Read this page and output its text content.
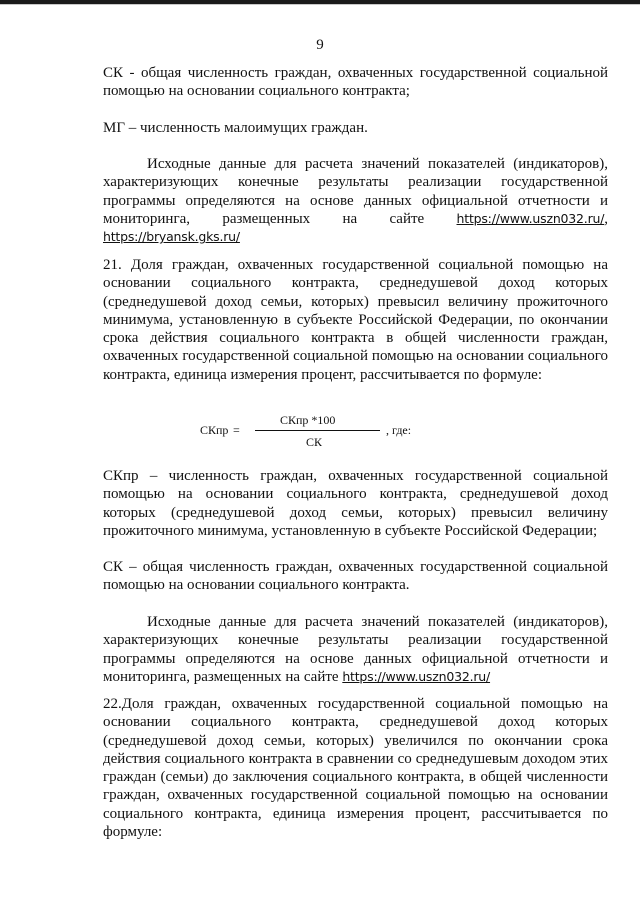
9

СК - общая численность граждан, охваченных государственной социальной помощью на основании социального контракта;

МГ – численность малоимущих граждан.

Исходные данные для расчета значений показателей (индикаторов), характеризующих конечные результаты реализации государственной программы определяются на основе данных официальной отчетности и мониторинга, размещенных на сайте https://www.uszn032.ru/, https://bryansk.gks.ru/

21. Доля граждан, охваченных государственной социальной помощью на основании социального контракта, среднедушевой доход которых (среднедушевой доход семьи, которых) превысил величину прожиточного минимума, установленную в субъекте Российской Федерации, по окончании срока действия социального контракта в общей численности граждан, охваченных государственной социальной помощью на основании социального контракта, единица измерения процент, рассчитывается по формуле:

СКпр =
СКпр *100
СК
, где:

СКпр – численность граждан, охваченных государственной социальной помощью на основании социального контракта, среднедушевой доход которых (среднедушевой доход семьи, которых) превысил величину прожиточного минимума, установленную в субъекте Российской Федерации;

СК – общая численность граждан, охваченных государственной социальной помощью на основании социального контракта.

Исходные данные для расчета значений показателей (индикаторов), характеризующих конечные результаты реализации государственной программы определяются на основе данных официальной отчетности и мониторинга, размещенных на сайте https://www.uszn032.ru/

22.Доля граждан, охваченных государственной социальной помощью на основании социального контракта, среднедушевой доход которых (среднедушевой доход семьи, которых) увеличился по окончании срока действия социального контракта в сравнении со среднедушевым доходом этих граждан (семьи) до заключения социального контракта, в общей численности граждан, охваченных государственной социальной помощью на основании социального контракта, единица измерения процент, рассчитывается по формуле:
